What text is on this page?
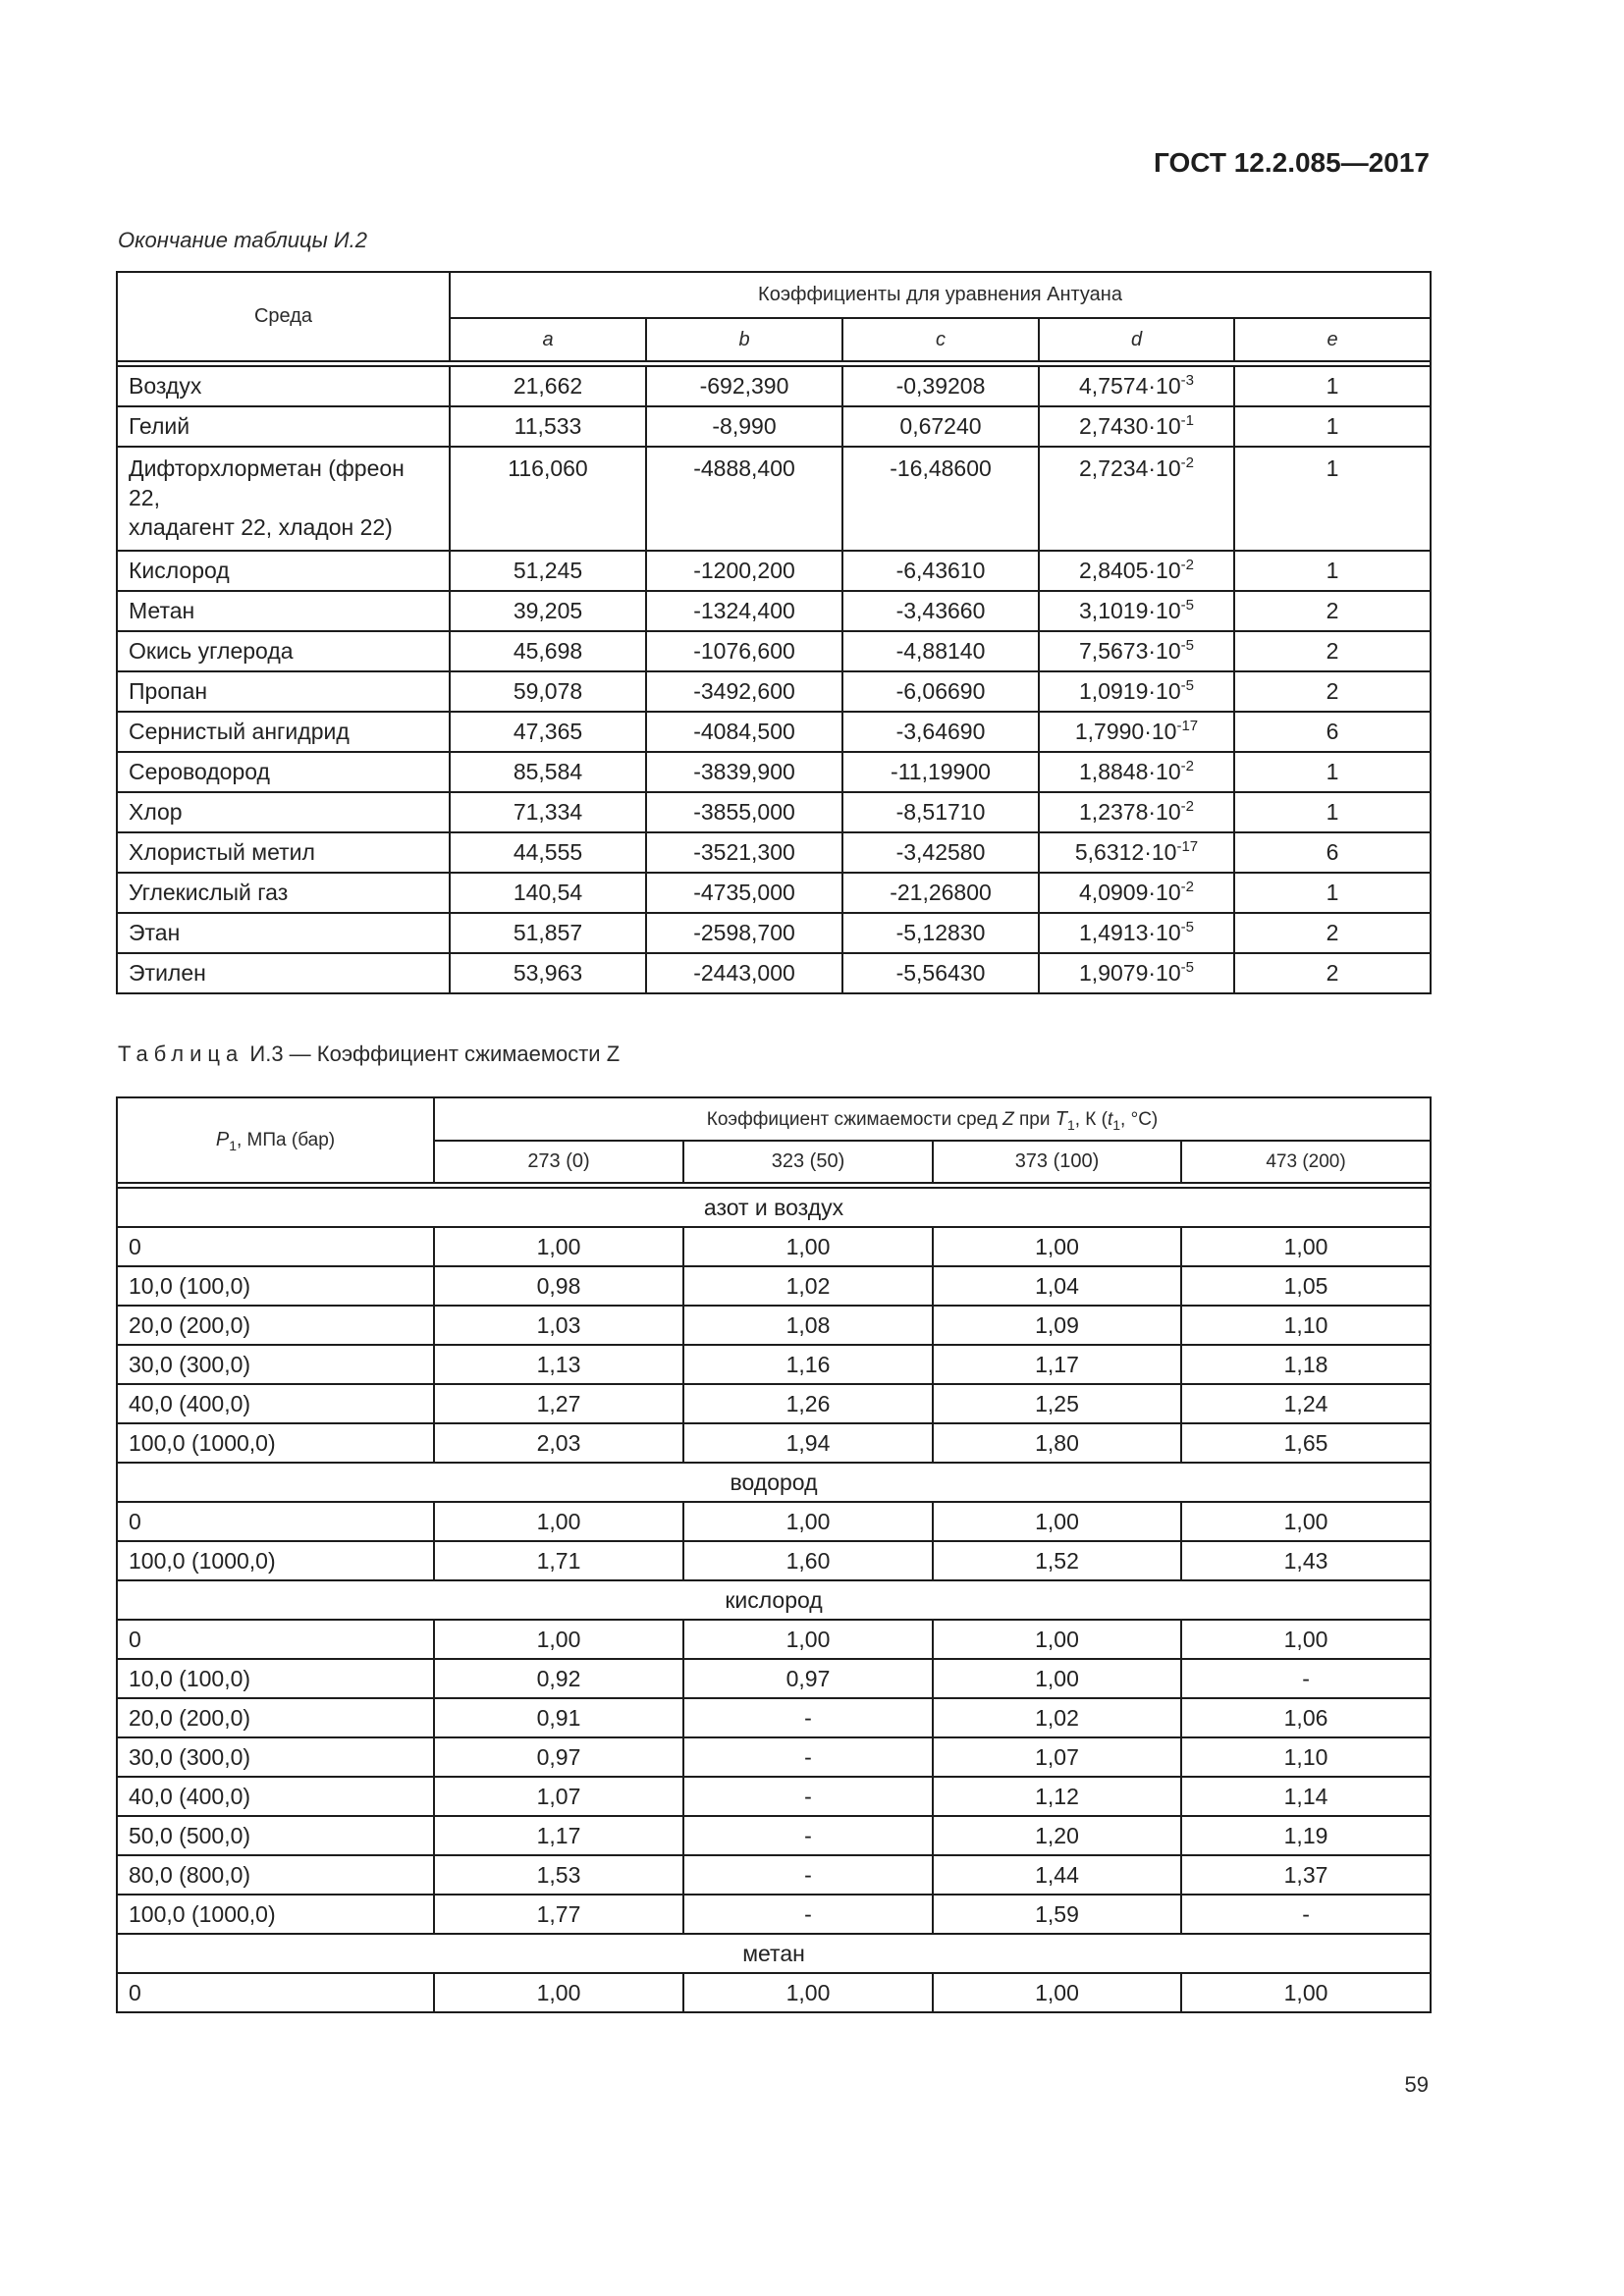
ГОСТ 12.2.085—2017
Окончание таблицы И.2
Среда	Коэффициенты для уравнения Антуана				
	a	b	c	d	e

Воздух	21,662	-692,390	-0,39208	$4,7574\cdot 10^{-3}$	1
Гелий	11,533	-8,990	0,67240	$2,7430\cdot 10^{-1}$	1

Дифторхлорметан (фреон
22,
хладагент 22, хладон 22)	116,060	-4888,400	-16,48600	$2,7234\cdot 10^{-2}$	1
Кислород	51,245	-1200,200	-6,43610	$2,8405\cdot 10^{-2}$	1
Метан	39,205	-1324,400	-3,43660	$3,1019\cdot 10^{-5}$	2
Окись углерода	45,698	-1076,600	-4,88140	$7,5673\cdot 10^{-5}$	2
Пропан	59,078	-3492,600	-6,06690	$1,0919\cdot 10^{-5}$	2
Сернистый ангидрид	47,365	-4084,500	-3,64690	$1,7990\cdot 10^{-17}$	6
Сероводород	85,584	-3839,900	-11,19900	$1,8848\cdot 10^{-2}$	1
Хлор	71,334	-3855,000	-8,51710	$1,2378\cdot 10^{-2}$	1
Хлористый метил	44,555	-3521,300	-3,42580	$5,6312\cdot 10^{-17}$	6
Углекислый газ	140,54	-4735,000	-21,26800	$4,0909\cdot 10^{-2}$	1
Этан	51,857	-2598,700	-5,12830	$1,4913\cdot 10^{-5}$	2
Этилен	53,963	-2443,000	-5,56430	$1,9079\cdot 10^{-5}$	2
Таблица И.3 — Коэффициент сжимаемости Z
$P_1$, МПа (бар)	Коэффициент сжимаемости сред Z при $T_1$, К ($t_1$, °С)			
	273 (0)	323 (50)	373 (100)	473 (200)

азот и воздух				
0	1,00	1,00	1,00	1,00
10,0 (100,0)	0,98	1,02	1,04	1,05
20,0 (200,0)	1,03	1,08	1,09	1,10
30,0 (300,0)	1,13	1,16	1,17	1,18
40,0 (400,0)	1,27	1,26	1,25	1,24
100,0 (1000,0)	2,03	1,94	1,80	1,65
водород				
0	1,00	1,00	1,00	1,00
100,0 (1000,0)	1,71	1,60	1,52	1,43
кислород				
0	1,00	1,00	1,00	1,00
10,0 (100,0)	0,92	0,97	1,00	-
20,0 (200,0)	0,91	-	1,02	1,06
30,0 (300,0)	0,97	-	1,07	1,10
40,0 (400,0)	1,07	-	1,12	1,14
50,0 (500,0)	1,17	-	1,20	1,19
80,0 (800,0)	1,53	-	1,44	1,37
100,0 (1000,0)	1,77	-	1,59	-
метан				
0	1,00	1,00	1,00	1,00
59
